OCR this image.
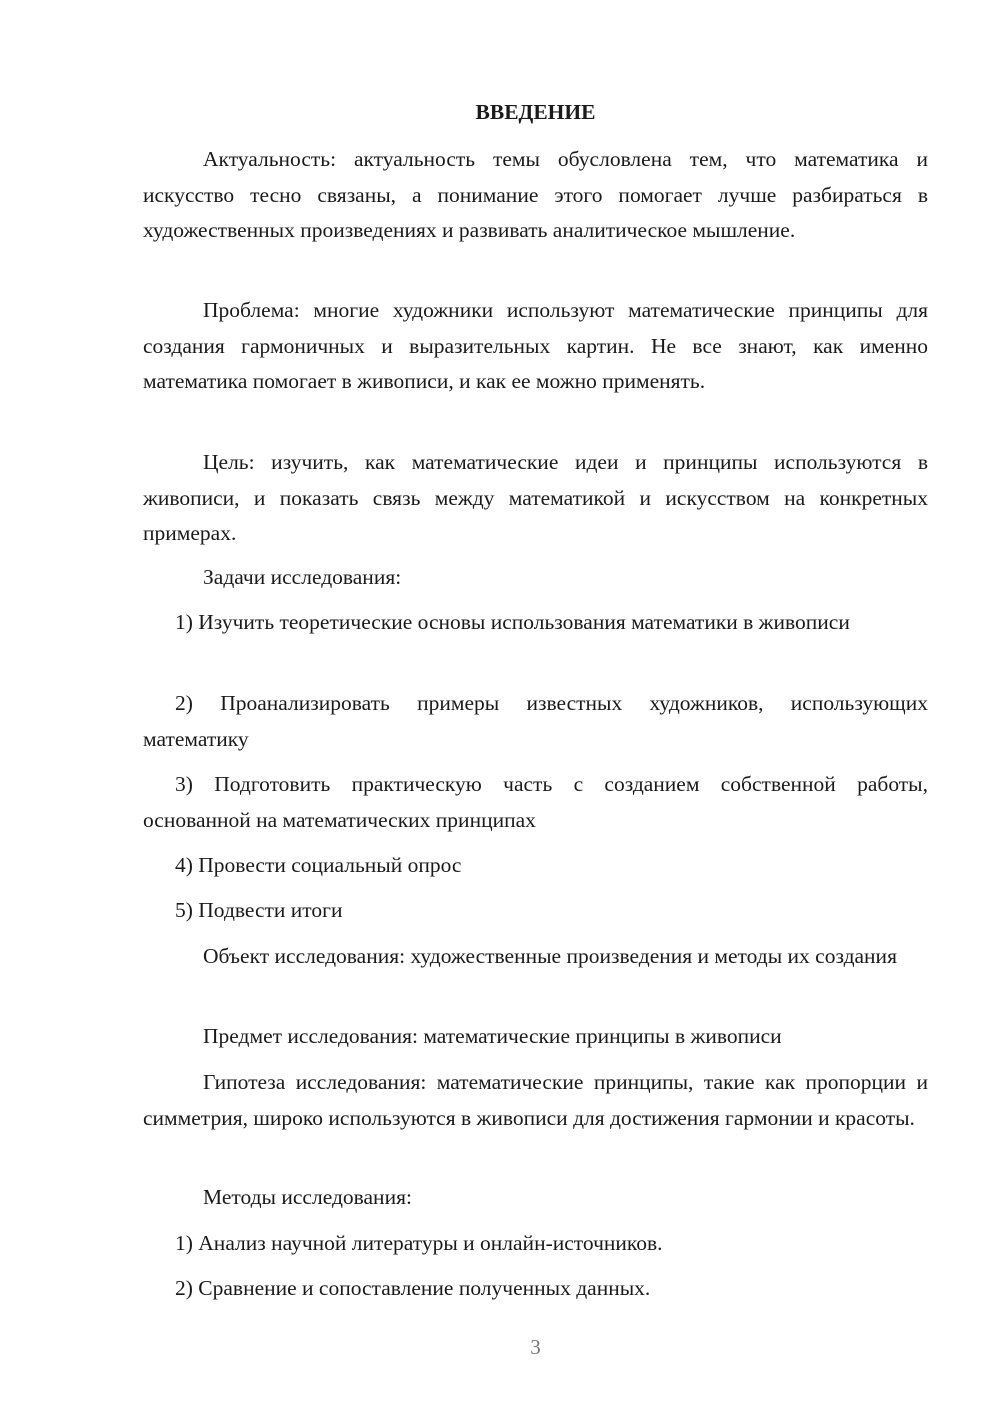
ВВЕДЕНИЕ

Актуальность: актуальность темы обусловлена тем, что математика и искусство тесно связаны, а понимание этого помогает лучше разбираться в художественных произведениях и развивать аналитическое мышление.

Проблема: многие художники используют математические принципы для создания гармоничных и выразительных картин. Не все знают, как именно математика помогает в живописи, и как ее можно применять.

Цель: изучить, как математические идеи и принципы используются в живописи, и показать связь между математикой и искусством на конкретных примерах.

Задачи исследования:

1) Изучить теоретические основы использования математики в живописи

2) Проанализировать примеры известных художников, использующих математику

3) Подготовить практическую часть с созданием собственной работы, основанной на математических принципах

4) Провести социальный опрос

5) Подвести итоги

Объект исследования: художественные произведения и методы их создания

Предмет исследования: математические принципы в живописи

Гипотеза исследования: математические принципы, такие как пропорции и симметрия, широко используются в живописи для достижения гармонии и красоты.

Методы исследования:

1) Анализ научной литературы и онлайн-источников.

2) Сравнение и сопоставление полученных данных.

3
